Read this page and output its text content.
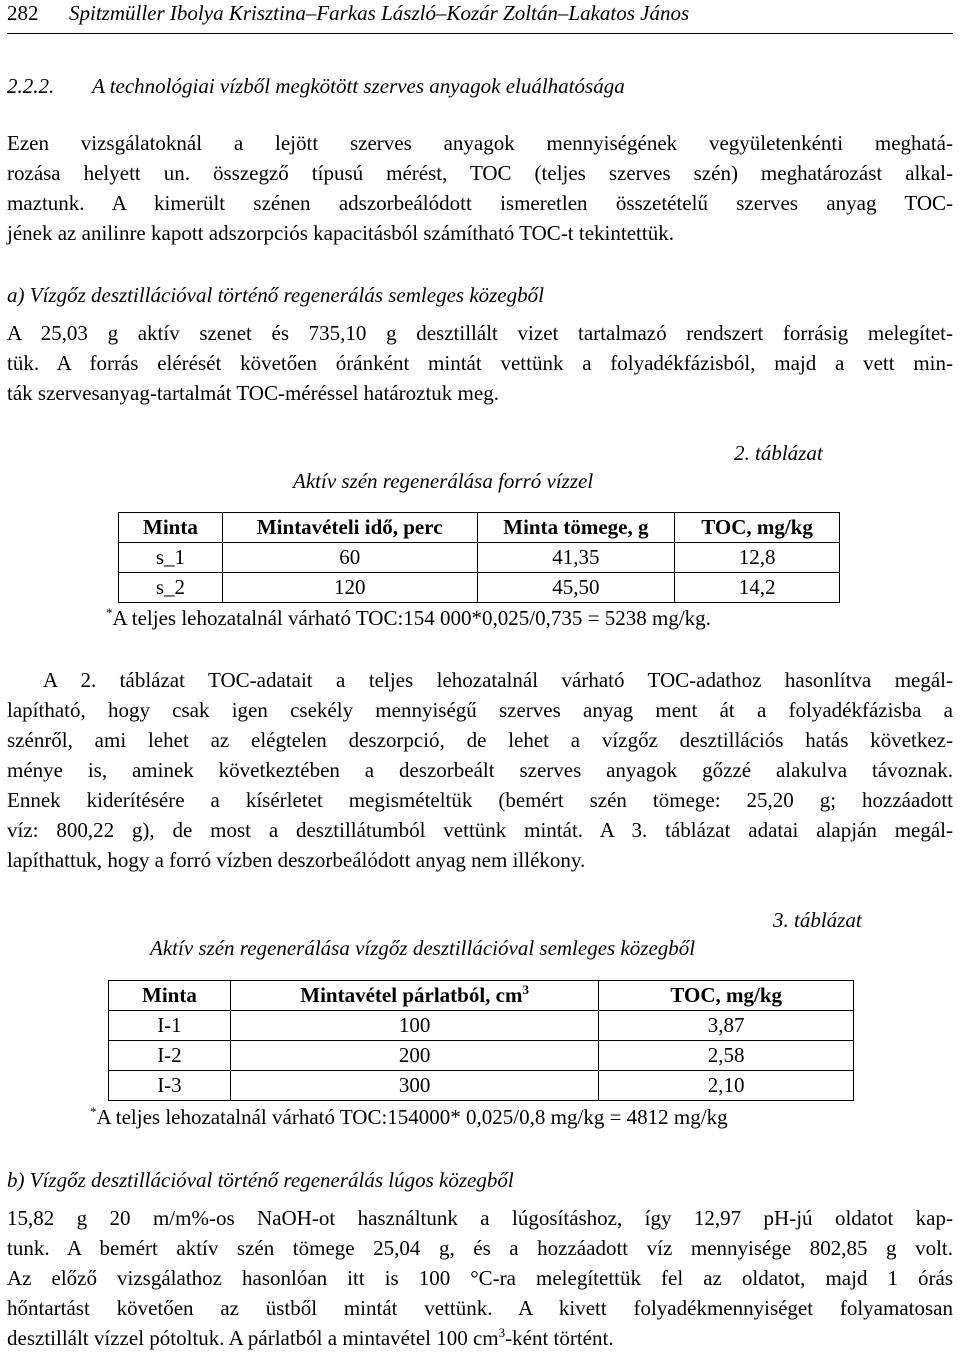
282 Spitzmüller Ibolya Krisztina–Farkas László–Kozár Zoltán–Lakatos János
2.2.2. A technológiai vízből megkötött szerves anyagok eluálhatósága
Ezen vizsgálatoknál a lejött szerves anyagok mennyiségének vegyületenkénti meghatá-
rozása helyett un. összegző típusú mérést, TOC (teljes szerves szén) meghatározást alkal-
maztunk. A kimerült szénen adszorbeálódott ismeretlen összetételű szerves anyag TOC-
jének az anilinre kapott adszorpciós kapacitásból számítható TOC-t tekintettük.
a) Vízgőz desztillációval történő regenerálás semleges közegből
A 25,03 g aktív szenet és 735,10 g desztillált vizet tartalmazó rendszert forrásig melegítet-
tük. A forrás elérését követően óránként mintát vettünk a folyadékfázisból, majd a vett min-
ták szervesanyag-tartalmát TOC-méréssel határoztuk meg.
2. táblázat
Aktív szén regenerálása forró vízzel
Minta	Mintavételi idő, perc	Minta tömege, g	TOC, mg/kg
s_1	60	41,35	12,8
s_2	120	45,50	14,2
*A teljes lehozatalnál várható TOC:154 000*0,025/0,735 = 5238 mg/kg.
A 2. táblázat TOC-adatait a teljes lehozatalnál várható TOC-adathoz hasonlítva megál-
lapítható, hogy csak igen csekély mennyiségű szerves anyag ment át a folyadékfázisba a
szénről, ami lehet az elégtelen deszorpció, de lehet a vízgőz desztillációs hatás következ-
ménye is, aminek következtében a deszorbeált szerves anyagok gőzzé alakulva távoznak.
Ennek kiderítésére a kísérletet megismételtük (bemért szén tömege: 25,20 g; hozzáadott
víz: 800,22 g), de most a desztillátumból vettünk mintát. A 3. táblázat adatai alapján megál-
lapíthattuk, hogy a forró vízben deszorbeálódott anyag nem illékony.
3. táblázat
Aktív szén regenerálása vízgőz desztillációval semleges közegből
Minta	Mintavétel párlatból, $cm^3$	TOC, mg/kg
I-1	100	3,87
I-2	200	2,58
I-3	300	2,10
*A teljes lehozatalnál várható TOC:154000* 0,025/0,8 mg/kg = 4812 mg/kg
b) Vízgőz desztillációval történő regenerálás lúgos közegből
15,82 g 20 m/m%-os NaOH-ot használtunk a lúgosításhoz, így 12,97 pH-jú oldatot kap-
tunk. A bemért aktív szén tömege 25,04 g, és a hozzáadott víz mennyisége 802,85 g volt.
Az előző vizsgálathoz hasonlóan itt is 100 °C-ra melegítettük fel az oldatot, majd 1 órás
hőntartást követően az üstből mintát vettünk. A kivett folyadékmennyiséget folyamatosan
desztillált vízzel pótoltuk. A párlatból a mintavétel 100 $cm^3$-ként történt.
